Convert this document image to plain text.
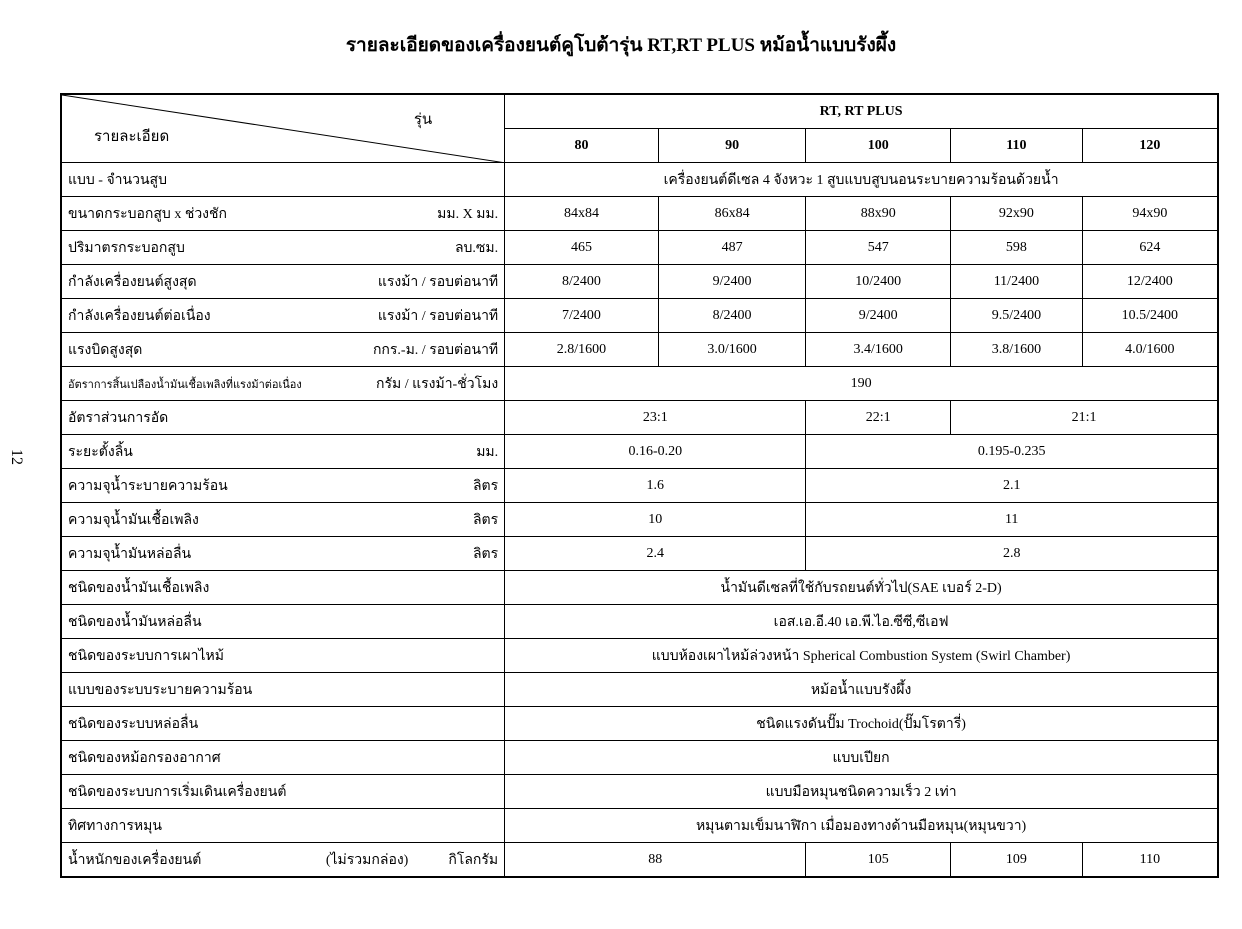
รายละเอียดของเครื่องยนต์คูโบต้ารุ่น RT,RT PLUS หม้อน้ำแบบรังผึ้ง
12
รายละเอียด
รุ่น	RT, RT PLUS				
	80	90	100	110	120
แบบ - จำนวนสูบ	เครื่องยนต์ดีเซล 4 จังหวะ 1 สูบแบบสูบนอนระบายความร้อนด้วยน้ำ				

ขนาดกระบอกสูบ x ช่วงชัก มม. X มม.	84x84	86x84	88x90	92x90	94x90

ปริมาตรกระบอกสูบ ลบ.ซม.	465	487	547	598	624

กำลังเครื่องยนต์สูงสุด แรงม้า / รอบต่อนาที	8/2400	9/2400	10/2400	11/2400	12/2400

กำลังเครื่องยนต์ต่อเนื่อง แรงม้า / รอบต่อนาที	7/2400	8/2400	9/2400	9.5/2400	10.5/2400

แรงบิดสูงสุด กกร.-ม. / รอบต่อนาที	2.8/1600	3.0/1600	3.4/1600	3.8/1600	4.0/1600

อัตราการสิ้นเปลืองน้ำมันเชื้อเพลิงที่แรงม้าต่อเนื่อง กรัม / แรงม้า-ชั่วโมง	190				
อัตราส่วนการอัด	23:1		22:1	21:1	

ระยะตั้งลิ้น มม.	0.16-0.20		0.195-0.235		

ความจุน้ำระบายความร้อน ลิตร	1.6		2.1		

ความจุน้ำมันเชื้อเพลิง ลิตร	10		11		

ความจุน้ำมันหล่อลื่น ลิตร	2.4		2.8		
ชนิดของน้ำมันเชื้อเพลิง	น้ำมันดีเซลที่ใช้กับรถยนต์ทั่วไป(SAE เบอร์ 2-D)				
ชนิดของน้ำมันหล่อลื่น	เอส.เอ.อี.40 เอ.พี.ไอ.ซีซี,ซีเอฟ				
ชนิดของระบบการเผาไหม้	แบบห้องเผาไหม้ล่วงหน้า Spherical Combustion System (Swirl Chamber)				
แบบของระบบระบายความร้อน	หม้อน้ำแบบรังผึ้ง				
ชนิดของระบบหล่อลื่น	ชนิดแรงดันปั๊ม Trochoid(ปั๊มโรตารี่)				
ชนิดของหม้อกรองอากาศ	แบบเปียก				
ชนิดของระบบการเริ่มเดินเครื่องยนต์	แบบมือหมุนชนิดความเร็ว 2 เท่า				
ทิศทางการหมุน	หมุนตามเข็มนาฬิกา เมื่อมองทางด้านมือหมุน(หมุนขวา)				

น้ำหนักของเครื่องยนต์ (ไม่รวมกล่อง) กิโลกรัม	88		105	109	110
